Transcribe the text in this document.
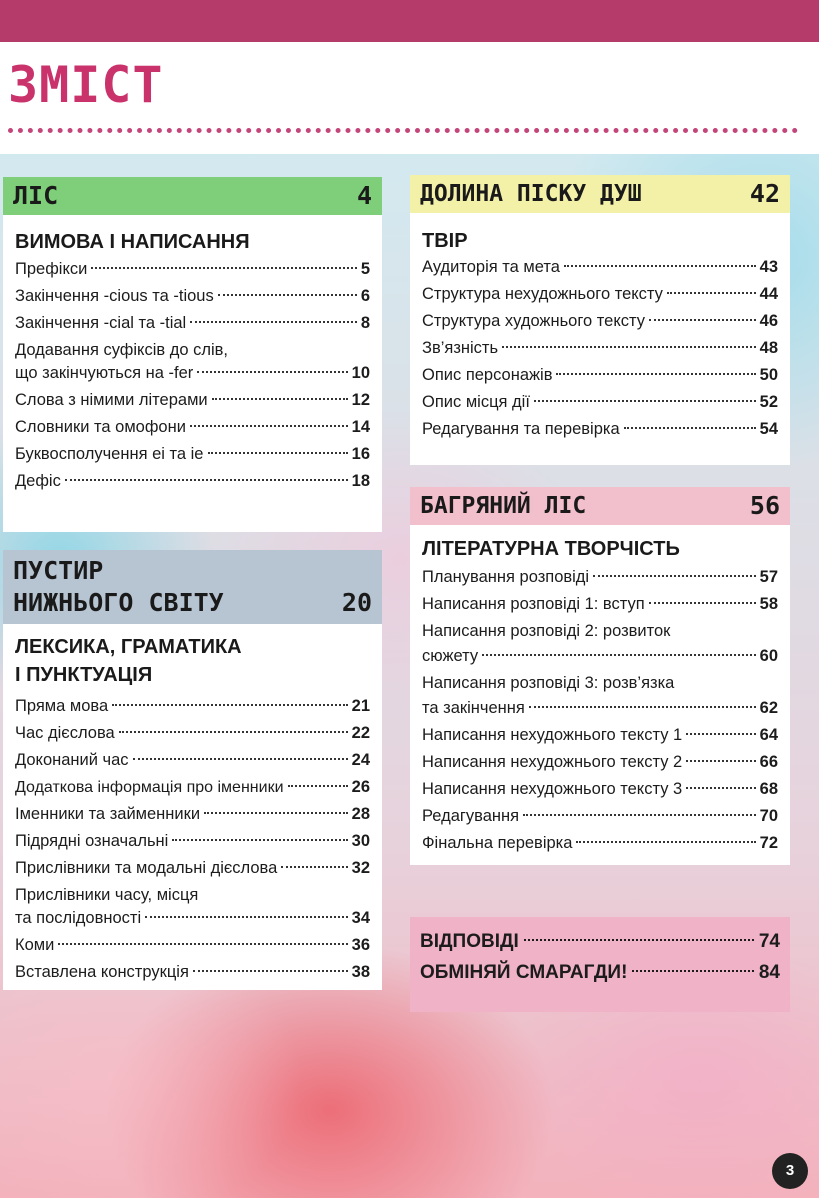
ЗМІСТ
ЛІС	4
ВИМОВА І НАПИСАННЯ
Префікси	5
Закінчення -cious та -tious	6
Закінчення -cial та -tial	8
Додавання суфіксів до слів,
що закінчуються на -fer	10
Слова з німими літерами	12
Словники та омофони	14
Буквосполучення ei та ie	16
Дефіс	18
ПУСТИР
НИЖНЬОГО СВІТУ	20
ЛЕКСИКА, ГРАМАТИКА
І ПУНКТУАЦІЯ
Пряма мова	21
Час дієслова	22
Доконаний час	24
Додаткова інформація про іменники	26
Іменники та займенники	28
Підрядні означальні	30
Прислівники та модальні дієслова	32
Прислівники часу, місця
та послідовності	34
Коми	36
Вставлена конструкція	38
ДОЛИНА ПІСКУ ДУШ	42
ТВІР
Аудиторія та мета	43
Структура нехудожнього тексту	44
Структура художнього тексту	46
Зв’язність	48
Опис персонажів	50
Опис місця дії	52
Редагування та перевірка	54
БАГРЯНИЙ ЛІС	56
ЛІТЕРАТУРНА ТВОРЧІСТЬ
Планування розповіді	57
Написання розповіді 1: вступ	58
Написання розповіді 2: розвиток
сюжету	60
Написання розповіді 3: розв’язка
та закінчення	62
Написання нехудожнього тексту 1	64
Написання нехудожнього тексту 2	66
Написання нехудожнього тексту 3	68
Редагування	70
Фінальна перевірка	72
ВІДПОВІДІ	74
ОБМІНЯЙ СМАРАГДИ!	84
3
